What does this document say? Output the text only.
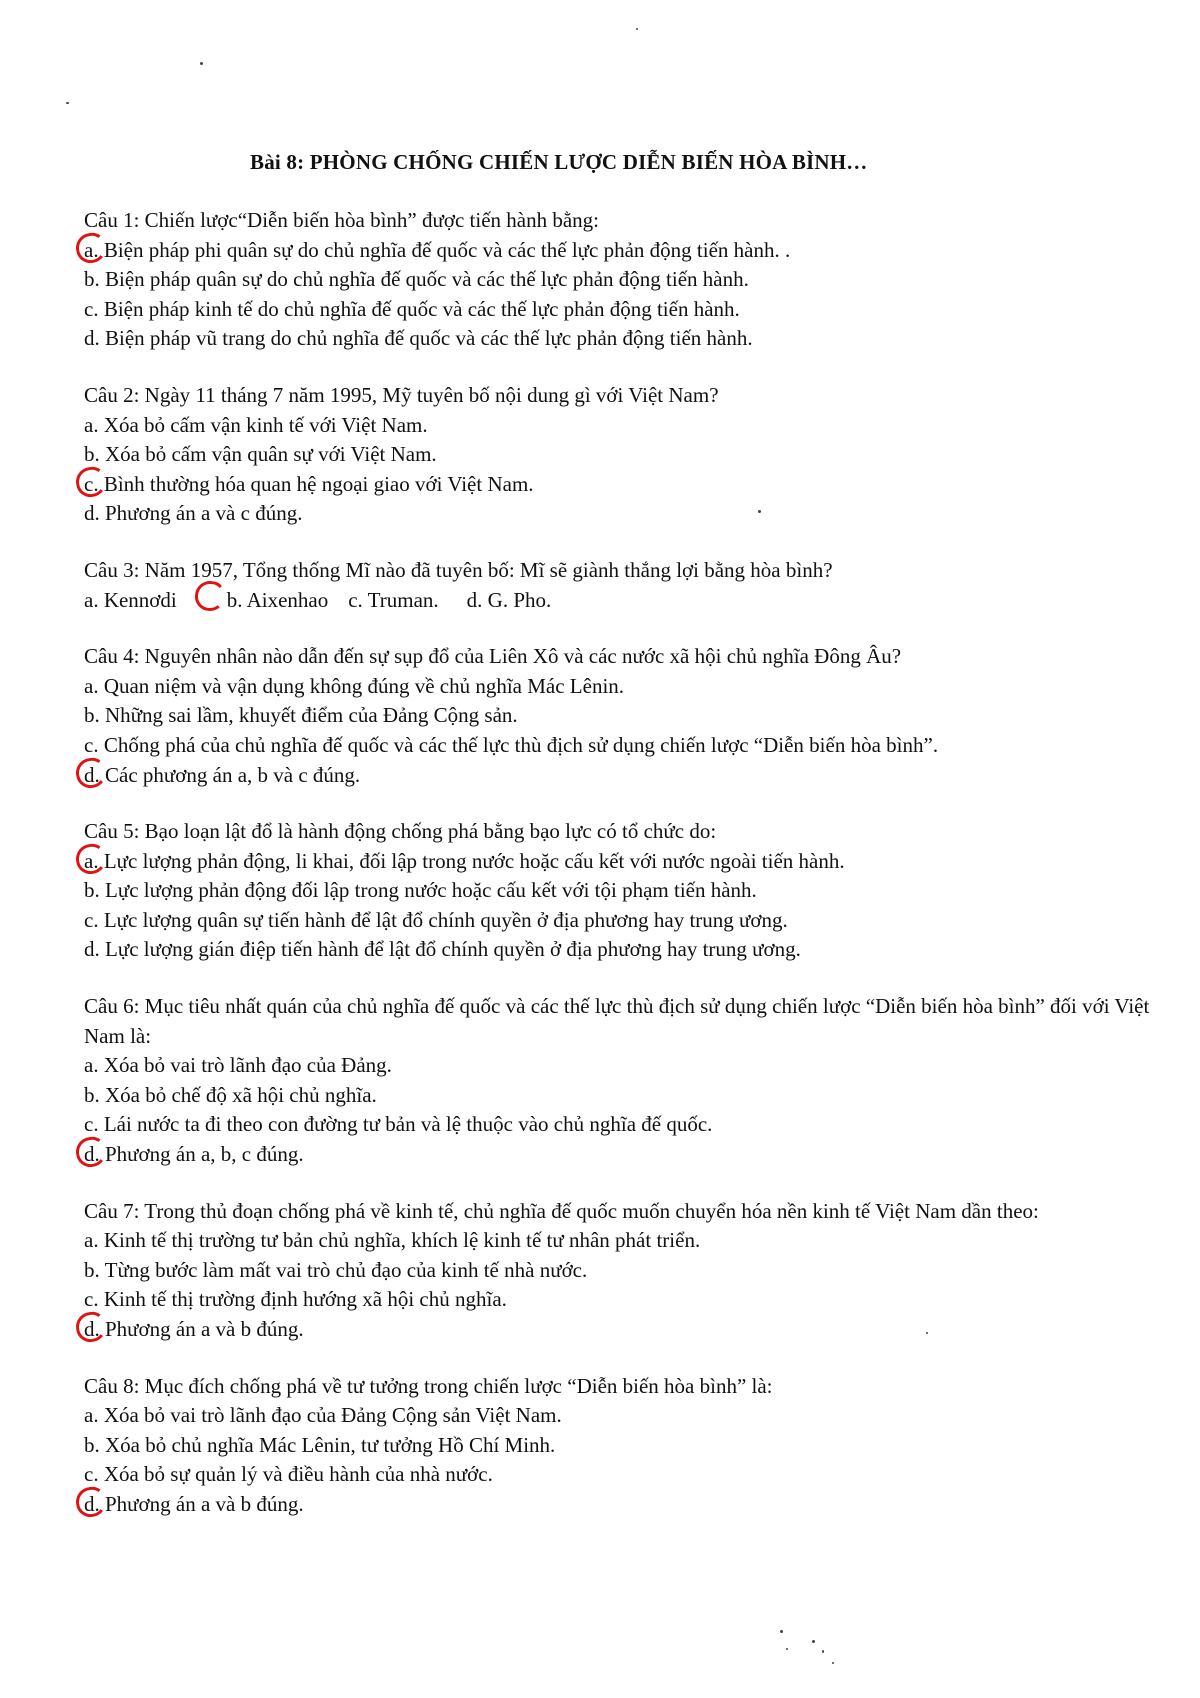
Bài 8: PHÒNG CHỐNG CHIẾN LƯỢC DIỄN BIẾN HÒA BÌNH…
Câu 1: Chiến lược“Diễn biến hòa bình” được tiến hành bằng:
a. Biện pháp phi quân sự do chủ nghĩa đế quốc và các thế lực phản động tiến hành. .
b. Biện pháp quân sự do chủ nghĩa đế quốc và các thế lực phản động tiến hành.
c. Biện pháp kinh tế do chủ nghĩa đế quốc và các thế lực phản động tiến hành.
d. Biện pháp vũ trang do chủ nghĩa đế quốc và các thế lực phản động tiến hành.
Câu 2: Ngày 11 tháng 7 năm 1995, Mỹ tuyên bố nội dung gì với Việt Nam?
a. Xóa bỏ cấm vận kinh tế với Việt Nam.
b. Xóa bỏ cấm vận quân sự với Việt Nam.
c. Bình thường hóa quan hệ ngoại giao với Việt Nam.
d. Phương án a và c đúng.
Câu 3: Năm 1957, Tổng thống Mĩ nào đã tuyên bố: Mĩ sẽ giành thắng lợi bằng hòa bình?
a. Kennơdi b. Aixenhao c. Truman. d. G. Pho.
Câu 4: Nguyên nhân nào dẫn đến sự sụp đổ của Liên Xô và các nước xã hội chủ nghĩa Đông Âu?
a. Quan niệm và vận dụng không đúng về chủ nghĩa Mác Lênin.
b. Những sai lầm, khuyết điểm của Đảng Cộng sản.
c. Chống phá của chủ nghĩa đế quốc và các thế lực thù địch sử dụng chiến lược “Diễn biến hòa bình”.
d. Các phương án a, b và c đúng.
Câu 5: Bạo loạn lật đổ là hành động chống phá bằng bạo lực có tổ chức do:
a. Lực lượng phản động, li khai, đối lập trong nước hoặc cấu kết với nước ngoài tiến hành.
b. Lực lượng phản động đối lập trong nước hoặc cấu kết với tội phạm tiến hành.
c. Lực lượng quân sự tiến hành để lật đổ chính quyền ở địa phương hay trung ương.
d. Lực lượng gián điệp tiến hành để lật đổ chính quyền ở địa phương hay trung ương.
Câu 6: Mục tiêu nhất quán của chủ nghĩa đế quốc và các thế lực thù địch sử dụng chiến lược “Diễn biến hòa bình” đối với Việt Nam là:
a. Xóa bỏ vai trò lãnh đạo của Đảng.
b. Xóa bỏ chế độ xã hội chủ nghĩa.
c. Lái nước ta đi theo con đường tư bản và lệ thuộc vào chủ nghĩa đế quốc.
d. Phương án a, b, c đúng.
Câu 7: Trong thủ đoạn chống phá về kinh tế, chủ nghĩa đế quốc muốn chuyển hóa nền kinh tế Việt Nam dần theo:
a. Kinh tế thị trường tư bản chủ nghĩa, khích lệ kinh tế tư nhân phát triển.
b. Từng bước làm mất vai trò chủ đạo của kinh tế nhà nước.
c. Kinh tế thị trường định hướng xã hội chủ nghĩa.
d. Phương án a và b đúng.
Câu 8: Mục đích chống phá về tư tưởng trong chiến lược “Diễn biến hòa bình” là:
a. Xóa bỏ vai trò lãnh đạo của Đảng Cộng sản Việt Nam.
b. Xóa bỏ chủ nghĩa Mác Lênin, tư tưởng Hồ Chí Minh.
c. Xóa bỏ sự quản lý và điều hành của nhà nước.
d. Phương án a và b đúng.
